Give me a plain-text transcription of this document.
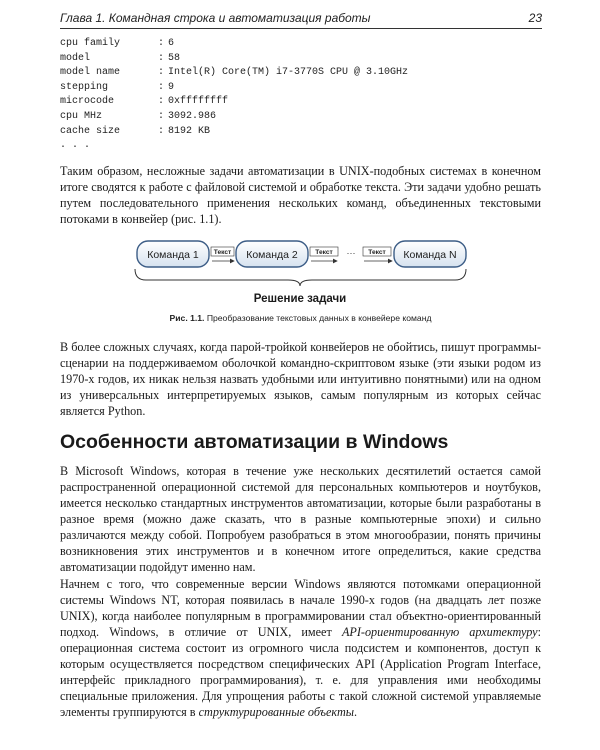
Глава 1. Командная строка и автоматизация работы	23
cpu family	: 6
model	: 58
model name	: Intel(R) Core(TM) i7-3770S CPU @ 3.10GHz
stepping	: 9
microcode	: 0xffffffff
cpu MHz	: 3092.986
cache size	: 8192 KB
. . .

Таким образом, несложные задачи автоматизации в UNIX-подобных системах в конечном итоге сводятся к работе с файловой системой и обработке текста. Эти задачи удобно решать путем последовательного применения нескольких команд, объединенных текстовыми потоками в конвейер (рис. 1.1).

Команда 1	Команда 2	Команда N
Текст	Текст ··· Текст
Решение задачи
Рис. 1.1. Преобразование текстовых данных в конвейере команд

В более сложных случаях, когда парой-тройкой конвейеров не обойтись, пишут программы-сценарии на поддерживаемом оболочкой командно-скриптовом языке (эти языки родом из 1970-х годов, их никак нельзя назвать удобными или интуитивно понятными) или на одном из универсальных интерпретируемых языков, самым популярным из которых сейчас является Python.

Особенности автоматизации в Windows

В Microsoft Windows, которая в течение уже нескольких десятилетий остается самой распространенной операционной системой для персональных компьютеров и ноутбуков, имеется несколько стандартных инструментов автоматизации, которые были разработаны в разное время (можно даже сказать, что в разные компьютерные эпохи) и сильно различаются между собой. Попробуем разобраться в этом многообразии, понять причины возникновения этих инструментов и в конечном итоге определиться, какие средства автоматизации подойдут именно нам.

Начнем с того, что современные версии Windows являются потомками операционной системы Windows NT, которая появилась в начале 1990-х годов (на двадцать лет позже UNIX), когда наиболее популярным в программировании стал объектно-ориентированный подход. Windows, в отличие от UNIX, имеет API-ориентированную архитектуру: операционная система состоит из огромного числа подсистем и компонентов, доступ к которым осуществляется посредством специфических API (Application Program Interface, интерфейс прикладного программирования), т. е. для управления ими необходимы специальные приложения. Для упрощения работы с такой сложной системой управляемые элементы группируются в структурированные объекты.
